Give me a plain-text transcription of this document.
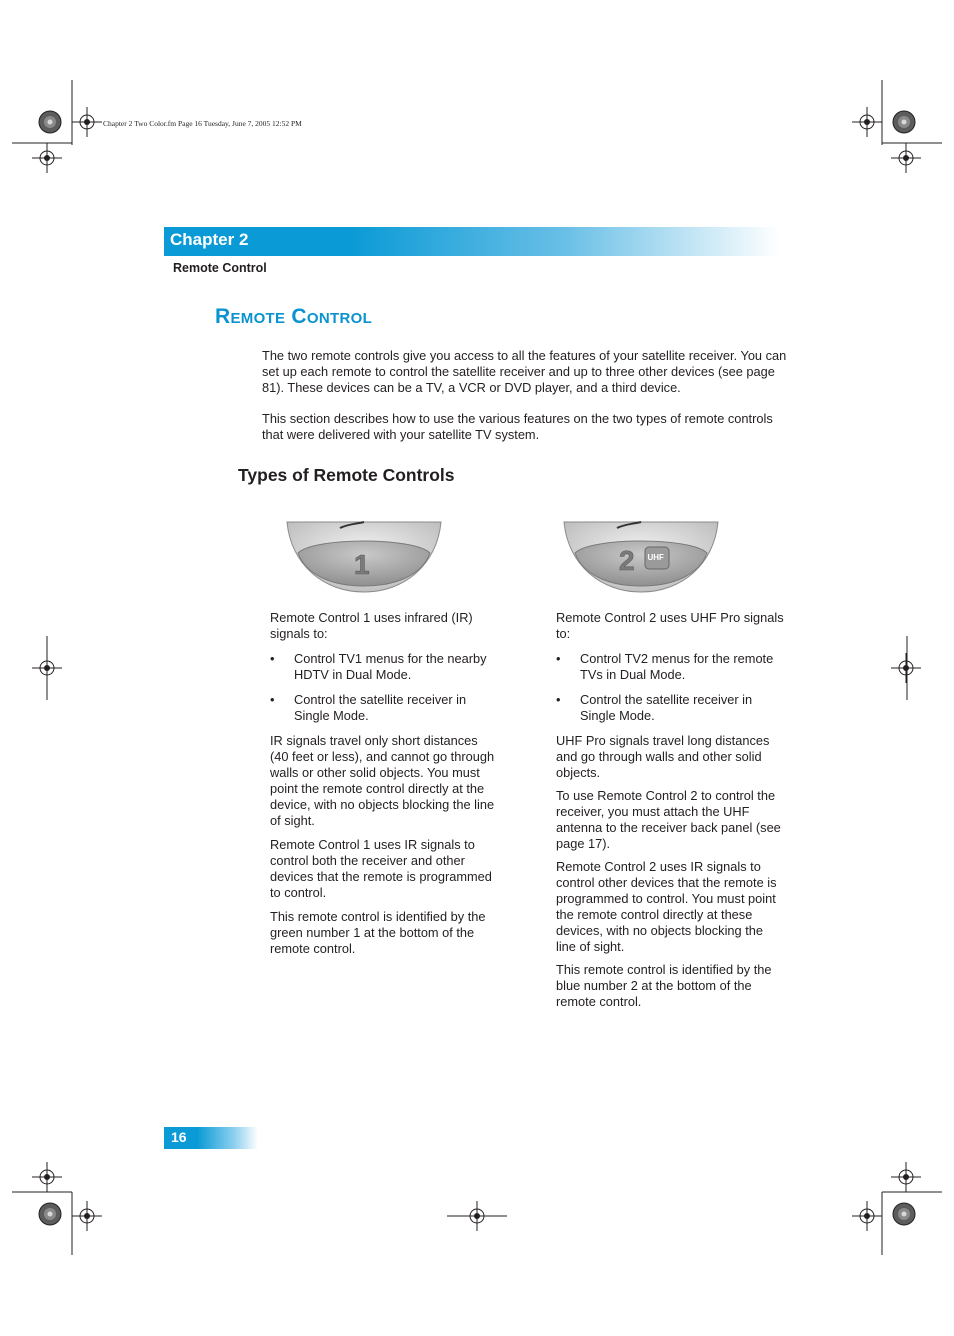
Chapter 2 Two Color.fm Page 16 Tuesday, June 7, 2005 12:52 PM
Chapter 2
Remote Control
Remote Control
The two remote controls give you access to all the features of your satellite receiver. You can set up each remote to control the satellite receiver and up to three other devices (see page 81). These devices can be a TV, a VCR or DVD player, and a third device.
This section describes how to use the various features on the two types of remote controls that were delivered with your satellite TV system.
Types of Remote Controls
1	2 UHF

Remote Control 1 uses infrared (IR) signals to:

•	Control TV1 menus for the nearby HDTV in Dual Mode.
•	Control the satellite receiver in Single Mode.

IR signals travel only short distances (40 feet or less), and cannot go through walls or other solid objects. You must point the remote control directly at the device, with no objects blocking the line of sight.

Remote Control 1 uses IR signals to control both the receiver and other devices that the remote is programmed to control.

This remote control is identified by the green number 1 at the bottom of the remote control.

Remote Control 2 uses UHF Pro signals to:

•	Control TV2 menus for the remote TVs in Dual Mode.
•	Control the satellite receiver in Single Mode.

UHF Pro signals travel long distances and go through walls and other solid objects.

To use Remote Control 2 to control the receiver, you must attach the UHF antenna to the receiver back panel (see page 17).

Remote Control 2 uses IR signals to control other devices that the remote is programmed to control. You must point the remote control directly at these devices, with no objects blocking the line of sight.

This remote control is identified by the blue number 2 at the bottom of the remote control.

16
